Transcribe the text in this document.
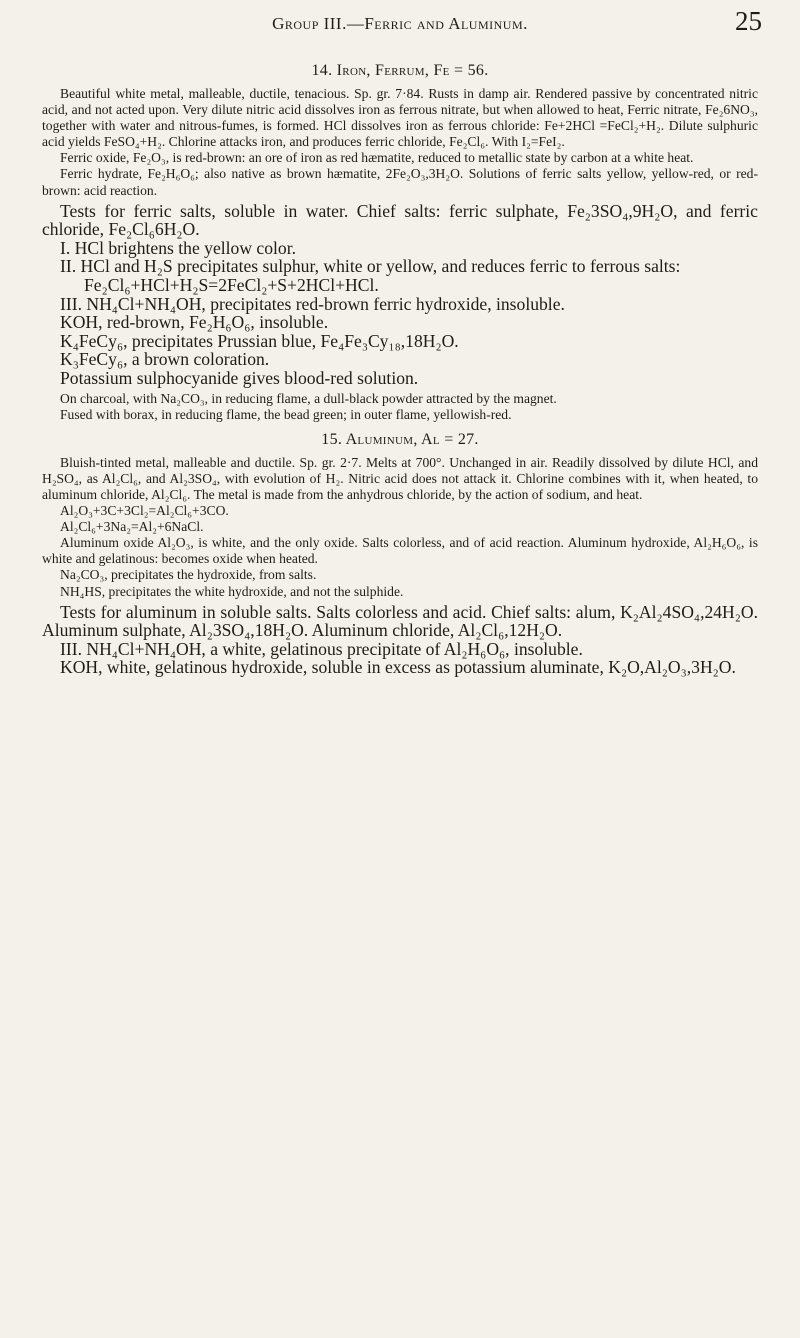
Group III.—Ferric and Aluminum.	25
14. Iron, Ferrum, Fe = 56.

Beautiful white metal, malleable, ductile, tenacious. Sp. gr. 7·84. Rusts in damp air. Rendered passive by concentrated nitric acid, and not acted upon. Very dilute nitric acid dissolves iron as ferrous nitrate, but when allowed to heat, Ferric nitrate, Fe₂6NO₃, together with water and nitrous-fumes, is formed. HCl dissolves iron as ferrous chloride: Fe+2HCl =FeCl₂+H₂. Dilute sulphuric acid yields FeSO₄+H₂. Chlorine attacks iron, and produces ferric chloride, Fe₂Cl₆. With I₂=FeI₂.

Ferric oxide, Fe₂O₃, is red-brown: an ore of iron as red hæmatite, reduced to metallic state by carbon at a white heat.

Ferric hydrate, Fe₂H₆O₆; also native as brown hæmatite, 2Fe₂O₃,3H₂O. Solutions of ferric salts yellow, yellow-red, or red-brown: acid reaction.

Tests for ferric salts, soluble in water. Chief salts: ferric sulphate, Fe₂3SO₄,9H₂O, and ferric chloride, Fe₂Cl₆6H₂O.

I. HCl brightens the yellow color.

II. HCl and H₂S precipitates sulphur, white or yellow, and reduces ferric to ferrous salts:

Fe₂Cl₆+HCl+H₂S=2FeCl₂+S+2HCl+HCl.

III. NH₄Cl+NH₄OH, precipitates red-brown ferric hydroxide, insoluble.

KOH, red-brown, Fe₂H₆O₆, insoluble.

K₄FeCy₆, precipitates Prussian blue, Fe₄Fe₃Cy₁₈,18H₂O.

K₃FeCy₆, a brown coloration.

Potassium sulphocyanide gives blood-red solution.

On charcoal, with Na₂CO₃, in reducing flame, a dull-black powder attracted by the magnet.

Fused with borax, in reducing flame, the bead green; in outer flame, yellowish-red.

15. Aluminum, Al = 27.

Bluish-tinted metal, malleable and ductile. Sp. gr. 2·7. Melts at 700°. Unchanged in air. Readily dissolved by dilute HCl, and H₂SO₄, as Al₂Cl₆, and Al₂3SO₄, with evolution of H₂. Nitric acid does not attack it. Chlorine combines with it, when heated, to aluminum chloride, Al₂Cl₆. The metal is made from the anhydrous chloride, by the action of sodium, and heat.

Al₂O₃+3C+3Cl₂=Al₂Cl₆+3CO.

Al₂Cl₆+3Na₂=Al₂+6NaCl.

Aluminum oxide Al₂O₃, is white, and the only oxide. Salts colorless, and of acid reaction. Aluminum hydroxide, Al₂H₆O₆, is white and gelatinous: becomes oxide when heated.

Na₂CO₃, precipitates the hydroxide, from salts.

NH₄HS, precipitates the white hydroxide, and not the sulphide.

Tests for aluminum in soluble salts. Salts colorless and acid. Chief salts: alum, K₂Al₂4SO₄,24H₂O. Aluminum sulphate, Al₂3SO₄,18H₂O. Aluminum chloride, Al₂Cl₆,12H₂O.

III. NH₄Cl+NH₄OH, a white, gelatinous precipitate of Al₂H₆O₆, insoluble.

KOH, white, gelatinous hydroxide, soluble in excess as potassium aluminate, K₂O,Al₂O₃,3H₂O.
